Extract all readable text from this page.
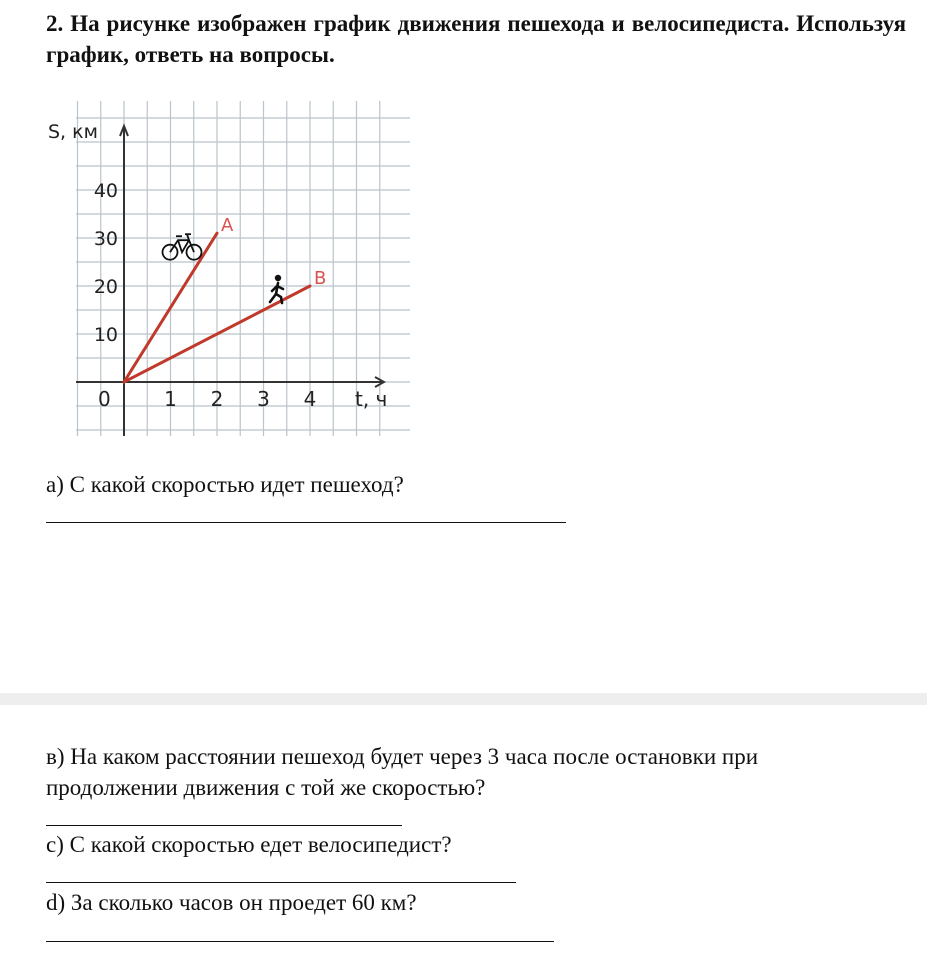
2. На рисунке изображен график движения пешехода и велосипедиста. Используя график, ответь на вопросы.

1 2 3 4
10
20
30
40
S, км
t, ч
0
A
B

а) С какой скоростью идет пешеход?

в) На каком расстоянии пешеход будет через 3 часа после остановки при

продолжении движения с той же скоростью?

с) С какой скоростью едет велосипедист?

d) За сколько часов он проедет 60 км?
